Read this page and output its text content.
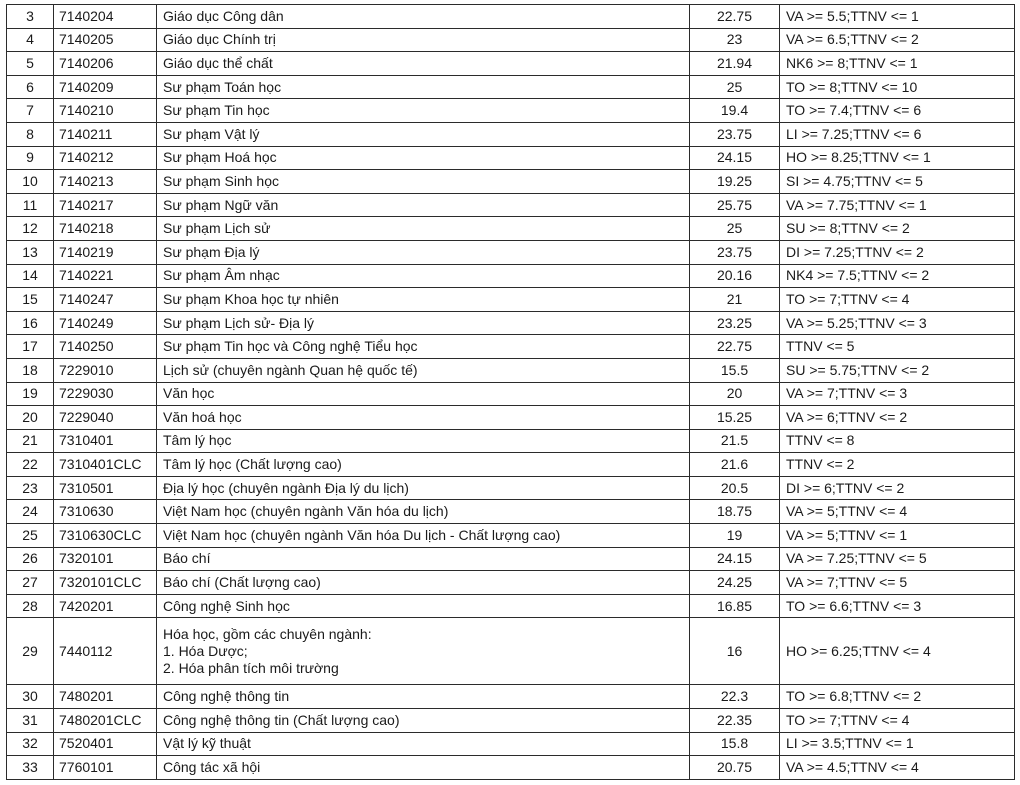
3	7140204	Giáo dục Công dân	22.75	VA >= 5.5;TTNV <= 1
4	7140205	Giáo dục Chính trị	23	VA >= 6.5;TTNV <= 2
5	7140206	Giáo dục thể chất	21.94	NK6 >= 8;TTNV <= 1
6	7140209	Sư phạm Toán học	25	TO >= 8;TTNV <= 10
7	7140210	Sư phạm Tin học	19.4	TO >= 7.4;TTNV <= 6
8	7140211	Sư phạm Vật lý	23.75	LI >= 7.25;TTNV <= 6
9	7140212	Sư phạm Hoá học	24.15	HO >= 8.25;TTNV <= 1
10	7140213	Sư phạm Sinh học	19.25	SI >= 4.75;TTNV <= 5
11	7140217	Sư phạm Ngữ văn	25.75	VA >= 7.75;TTNV <= 1
12	7140218	Sư phạm Lịch sử	25	SU >= 8;TTNV <= 2
13	7140219	Sư phạm Địa lý	23.75	DI >= 7.25;TTNV <= 2
14	7140221	Sư phạm Âm nhạc	20.16	NK4 >= 7.5;TTNV <= 2
15	7140247	Sư phạm Khoa học tự nhiên	21	TO >= 7;TTNV <= 4
16	7140249	Sư phạm Lịch sử- Địa lý	23.25	VA >= 5.25;TTNV <= 3
17	7140250	Sư phạm Tin học và Công nghệ Tiểu học	22.75	TTNV <= 5
18	7229010	Lịch sử (chuyên ngành Quan hệ quốc tế)	15.5	SU >= 5.75;TTNV <= 2
19	7229030	Văn học	20	VA >= 7;TTNV <= 3
20	7229040	Văn hoá học	15.25	VA >= 6;TTNV <= 2
21	7310401	Tâm lý học	21.5	TTNV <= 8
22	7310401CLC	Tâm lý học (Chất lượng cao)	21.6	TTNV <= 2
23	7310501	Địa lý học (chuyên ngành Địa lý du lịch)	20.5	DI >= 6;TTNV <= 2
24	7310630	Việt Nam học (chuyên ngành Văn hóa du lịch)	18.75	VA >= 5;TTNV <= 4
25	7310630CLC	Việt Nam học (chuyên ngành Văn hóa Du lịch - Chất lượng cao)	19	VA >= 5;TTNV <= 1
26	7320101	Báo chí	24.15	VA >= 7.25;TTNV <= 5
27	7320101CLC	Báo chí (Chất lượng cao)	24.25	VA >= 7;TTNV <= 5
28	7420201	Công nghệ Sinh học	16.85	TO >= 6.6;TTNV <= 3
29	7440112	Hóa học, gồm các chuyên ngành:
1. Hóa Dược;
2. Hóa phân tích môi trường	16	HO >= 6.25;TTNV <= 4
30	7480201	Công nghệ thông tin	22.3	TO >= 6.8;TTNV <= 2
31	7480201CLC	Công nghệ thông tin (Chất lượng cao)	22.35	TO >= 7;TTNV <= 4
32	7520401	Vật lý kỹ thuật	15.8	LI >= 3.5;TTNV <= 1
33	7760101	Công tác xã hội	20.75	VA >= 4.5;TTNV <= 4
